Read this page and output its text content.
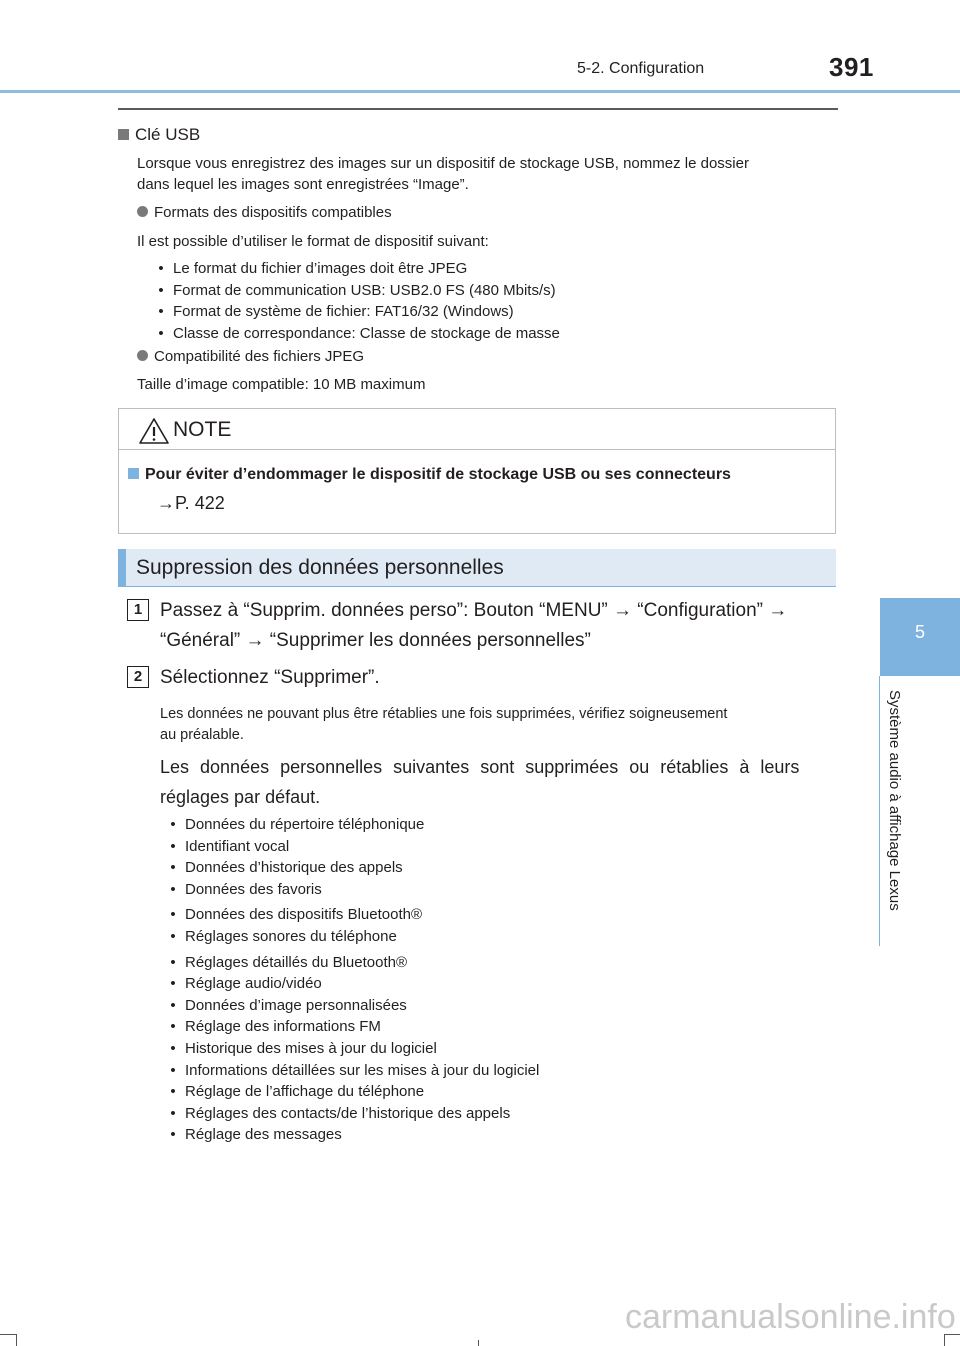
5-2. Configuration	391
5
Système audio à affichage Lexus
Clé USB
Lorsque vous enregistrez des images sur un dispositif de stockage USB, nommez le dossier
dans lequel les images sont enregistrées “Image”.
Formats des dispositifs compatibles
Il est possible d’utiliser le format de dispositif suivant:
• Le format du fichier d’images doit être JPEG
• Format de communication USB: USB2.0 FS (480 Mbits/s)
• Format de système de fichier: FAT16/32 (Windows)
• Classe de correspondance: Classe de stockage de masse
Compatibilité des fichiers JPEG
Taille d’image compatible: 10 MB maximum
NOTE
Pour éviter d’endommager le dispositif de stockage USB ou ses connecteurs
→P. 422
Suppression des données personnelles
1 Passez à “Supprim. données perso”: Bouton “MENU” → “Configuration” →
“Général” → “Supprimer les données personnelles”
2 Sélectionnez “Supprimer”.
Les données ne pouvant plus être rétablies une fois supprimées, vérifiez soigneusement
au préalable.
Les données personnelles suivantes sont supprimées ou rétablies à leurs
réglages par défaut.
• Données du répertoire téléphonique
• Identifiant vocal
• Données d’historique des appels
• Données des favoris
• Données des dispositifs Bluetooth®
• Réglages sonores du téléphone
• Réglages détaillés du Bluetooth®
• Réglage audio/vidéo
• Données d’image personnalisées
• Réglage des informations FM
• Historique des mises à jour du logiciel
• Informations détaillées sur les mises à jour du logiciel
• Réglage de l’affichage du téléphone
• Réglages des contacts/de l’historique des appels
• Réglage des messages
carmanualsonline.info
